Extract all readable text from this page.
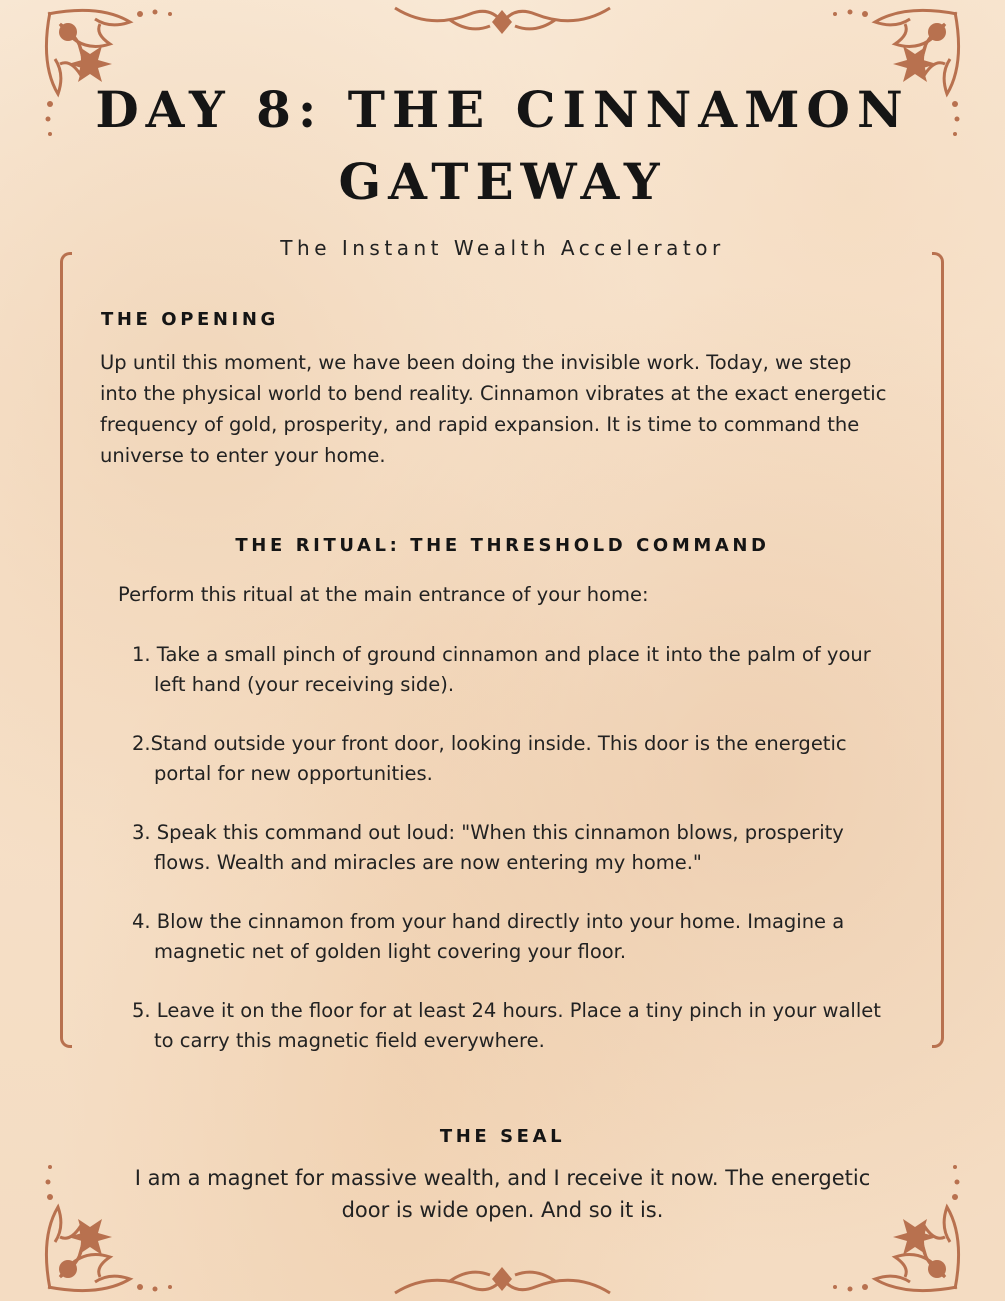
DAY 8: THE CINNAMON
GATEWAY
The Instant Wealth Accelerator
THE OPENING
Up until this moment, we have been doing the invisible work. Today, we step into the physical world to bend reality. Cinnamon vibrates at the exact energetic frequency of gold, prosperity, and rapid expansion. It is time to command the universe to enter your home.
THE RITUAL: THE THRESHOLD COMMAND
Perform this ritual at the main entrance of your home:
1. Take a small pinch of ground cinnamon and place it into the palm of your left hand (your receiving side).
2.Stand outside your front door, looking inside. This door is the energetic portal for new opportunities.
3. Speak this command out loud: "When this cinnamon blows, prosperity flows. Wealth and miracles are now entering my home."
4. Blow the cinnamon from your hand directly into your home. Imagine a magnetic net of golden light covering your floor.
5. Leave it on the floor for at least 24 hours. Place a tiny pinch in your wallet to carry this magnetic field everywhere.
THE SEAL
I am a magnet for massive wealth, and I receive it now. The energetic door is wide open. And so it is.
